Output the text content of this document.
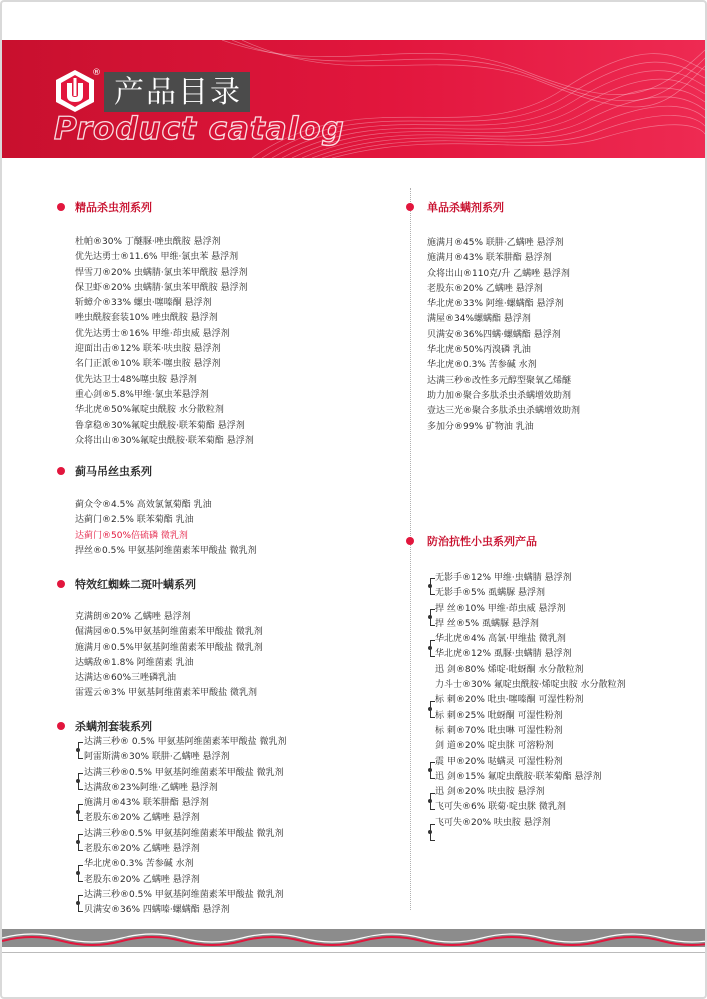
®
产品目录
Product catalog
精品杀虫剂系列
杜帕®30% 丁醚脲·唑虫酰胺 悬浮剂
优先达勇士®11.6% 甲维·氯虫苯 悬浮剂
悍雪刀®20% 虫螨腈·氯虫苯甲酰胺 悬浮剂
保卫虾®20% 虫螨腈·氯虫苯甲酰胺 悬浮剂
斩蟑介®33% 螺虫·噻嗪酮 悬浮剂
唑虫酰胺套装10% 唑虫酰胺 悬浮剂
优先达勇士®16% 甲维·茚虫威 悬浮剂
迎面出击®12% 联苯·呋虫胺 悬浮剂
名门正派®10% 联苯·噻虫胺 悬浮剂
优先达卫士48%噻虫胺 悬浮剂
重心剑®5.8%甲维·氯虫苯悬浮剂
华北虎®50%氟啶虫酰胺 水分散粒剂
鲁拿稳®30%氟啶虫酰胺·联苯菊酯 悬浮剂
众将出山®30%氟啶虫酰胺·联苯菊酯 悬浮剂
蓟马吊丝虫系列
蓟众令®4.5% 高效氯氰菊酯 乳油
达蓟门®2.5% 联苯菊酯 乳油
达蓟门®50%倍硫磷 微乳剂
捍丝®0.5% 甲氨基阿维菌素苯甲酸盐 微乳剂
特效红蜘蛛二斑叶螨系列
克满朗®20% 乙螨唑 悬浮剂
倔满园®0.5%甲氨基阿维菌素苯甲酸盐 微乳剂
施满月®0.5%甲氨基阿维菌素苯甲酸盐 微乳剂
达螨敌®1.8% 阿维菌素 乳油
达满达®60%三唑磷乳油
雷霆云®3% 甲氨基阿维菌素苯甲酸盐 微乳剂
杀螨剂套装系列
达满三秒® 0.5% 甲氨基阿维菌素苯甲酸盐 微乳剂
阿雷斯满®30% 联肼·乙螨唑 悬浮剂
达满三秒®0.5% 甲氨基阿维菌素苯甲酸盐 微乳剂
达满敌®23%阿维·乙螨唑 悬浮剂
施满月®43% 联苯肼酯 悬浮剂
老股东®20% 乙螨唑 悬浮剂
达满三秒®0.5% 甲氨基阿维菌素苯甲酸盐 微乳剂
老股东®20% 乙螨唑 悬浮剂
华北虎®0.3% 苦参碱 水剂
老股东®20% 乙螨唑 悬浮剂
达满三秒®0.5% 甲氨基阿维菌素苯甲酸盐 微乳剂
贝满安®36% 四螨嗪·螺螨酯 悬浮剂
单品杀螨剂系列
施满月®45% 联肼·乙螨唑 悬浮剂
施满月®43% 联苯肼酯 悬浮剂
众将出山®110克/升 乙螨唑 悬浮剂
老股东®20% 乙螨唑 悬浮剂
华北虎®33% 阿维·螺螨酯 悬浮剂
满屋®34%螺螨酯 悬浮剂
贝满安®36%四螨·螺螨酯 悬浮剂
华北虎®50%丙溴磷 乳油
华北虎®0.3% 苦参碱 水剂
达满三秒®改性多元醇型聚氧乙烯醚
助力加®聚合多肽杀虫杀螨增效助剂
壹达三光®聚合多肽杀虫杀螨增效助剂
多加分®99% 矿物油 乳油
防治抗性小虫系列产品
无影手®12% 甲维·虫螨腈 悬浮剂
无影手®5% 虱螨脲 悬浮剂
捍 丝®10% 甲维·茚虫威 悬浮剂
捍 丝®5% 虱螨脲 悬浮剂
华北虎®4% 高氯·甲维盐 微乳剂
华北虎®12% 虱脲·虫螨腈 悬浮剂
迅 剑®80% 烯啶·吡蚜酮 水分散粒剂
力斗士®30% 氟啶虫酰胺·烯啶虫胺 水分散粒剂
标 刺®20% 吡虫·噻嗪酮 可湿性粉剂
标 刺®25% 吡蚜酮 可湿性粉剂
标 刺®70% 吡虫啉 可湿性粉剂
剑 道®20% 啶虫脒 可溶粉剂
震 甲®20% 哒螨灵 可湿性粉剂
迅 剑®15% 氟啶虫酰胺·联苯菊酯 悬浮剂
迅 剑®20% 呋虫胺 悬浮剂
飞可失®6% 联菊·啶虫脒 微乳剂
飞可失®20% 呋虫胺 悬浮剂
